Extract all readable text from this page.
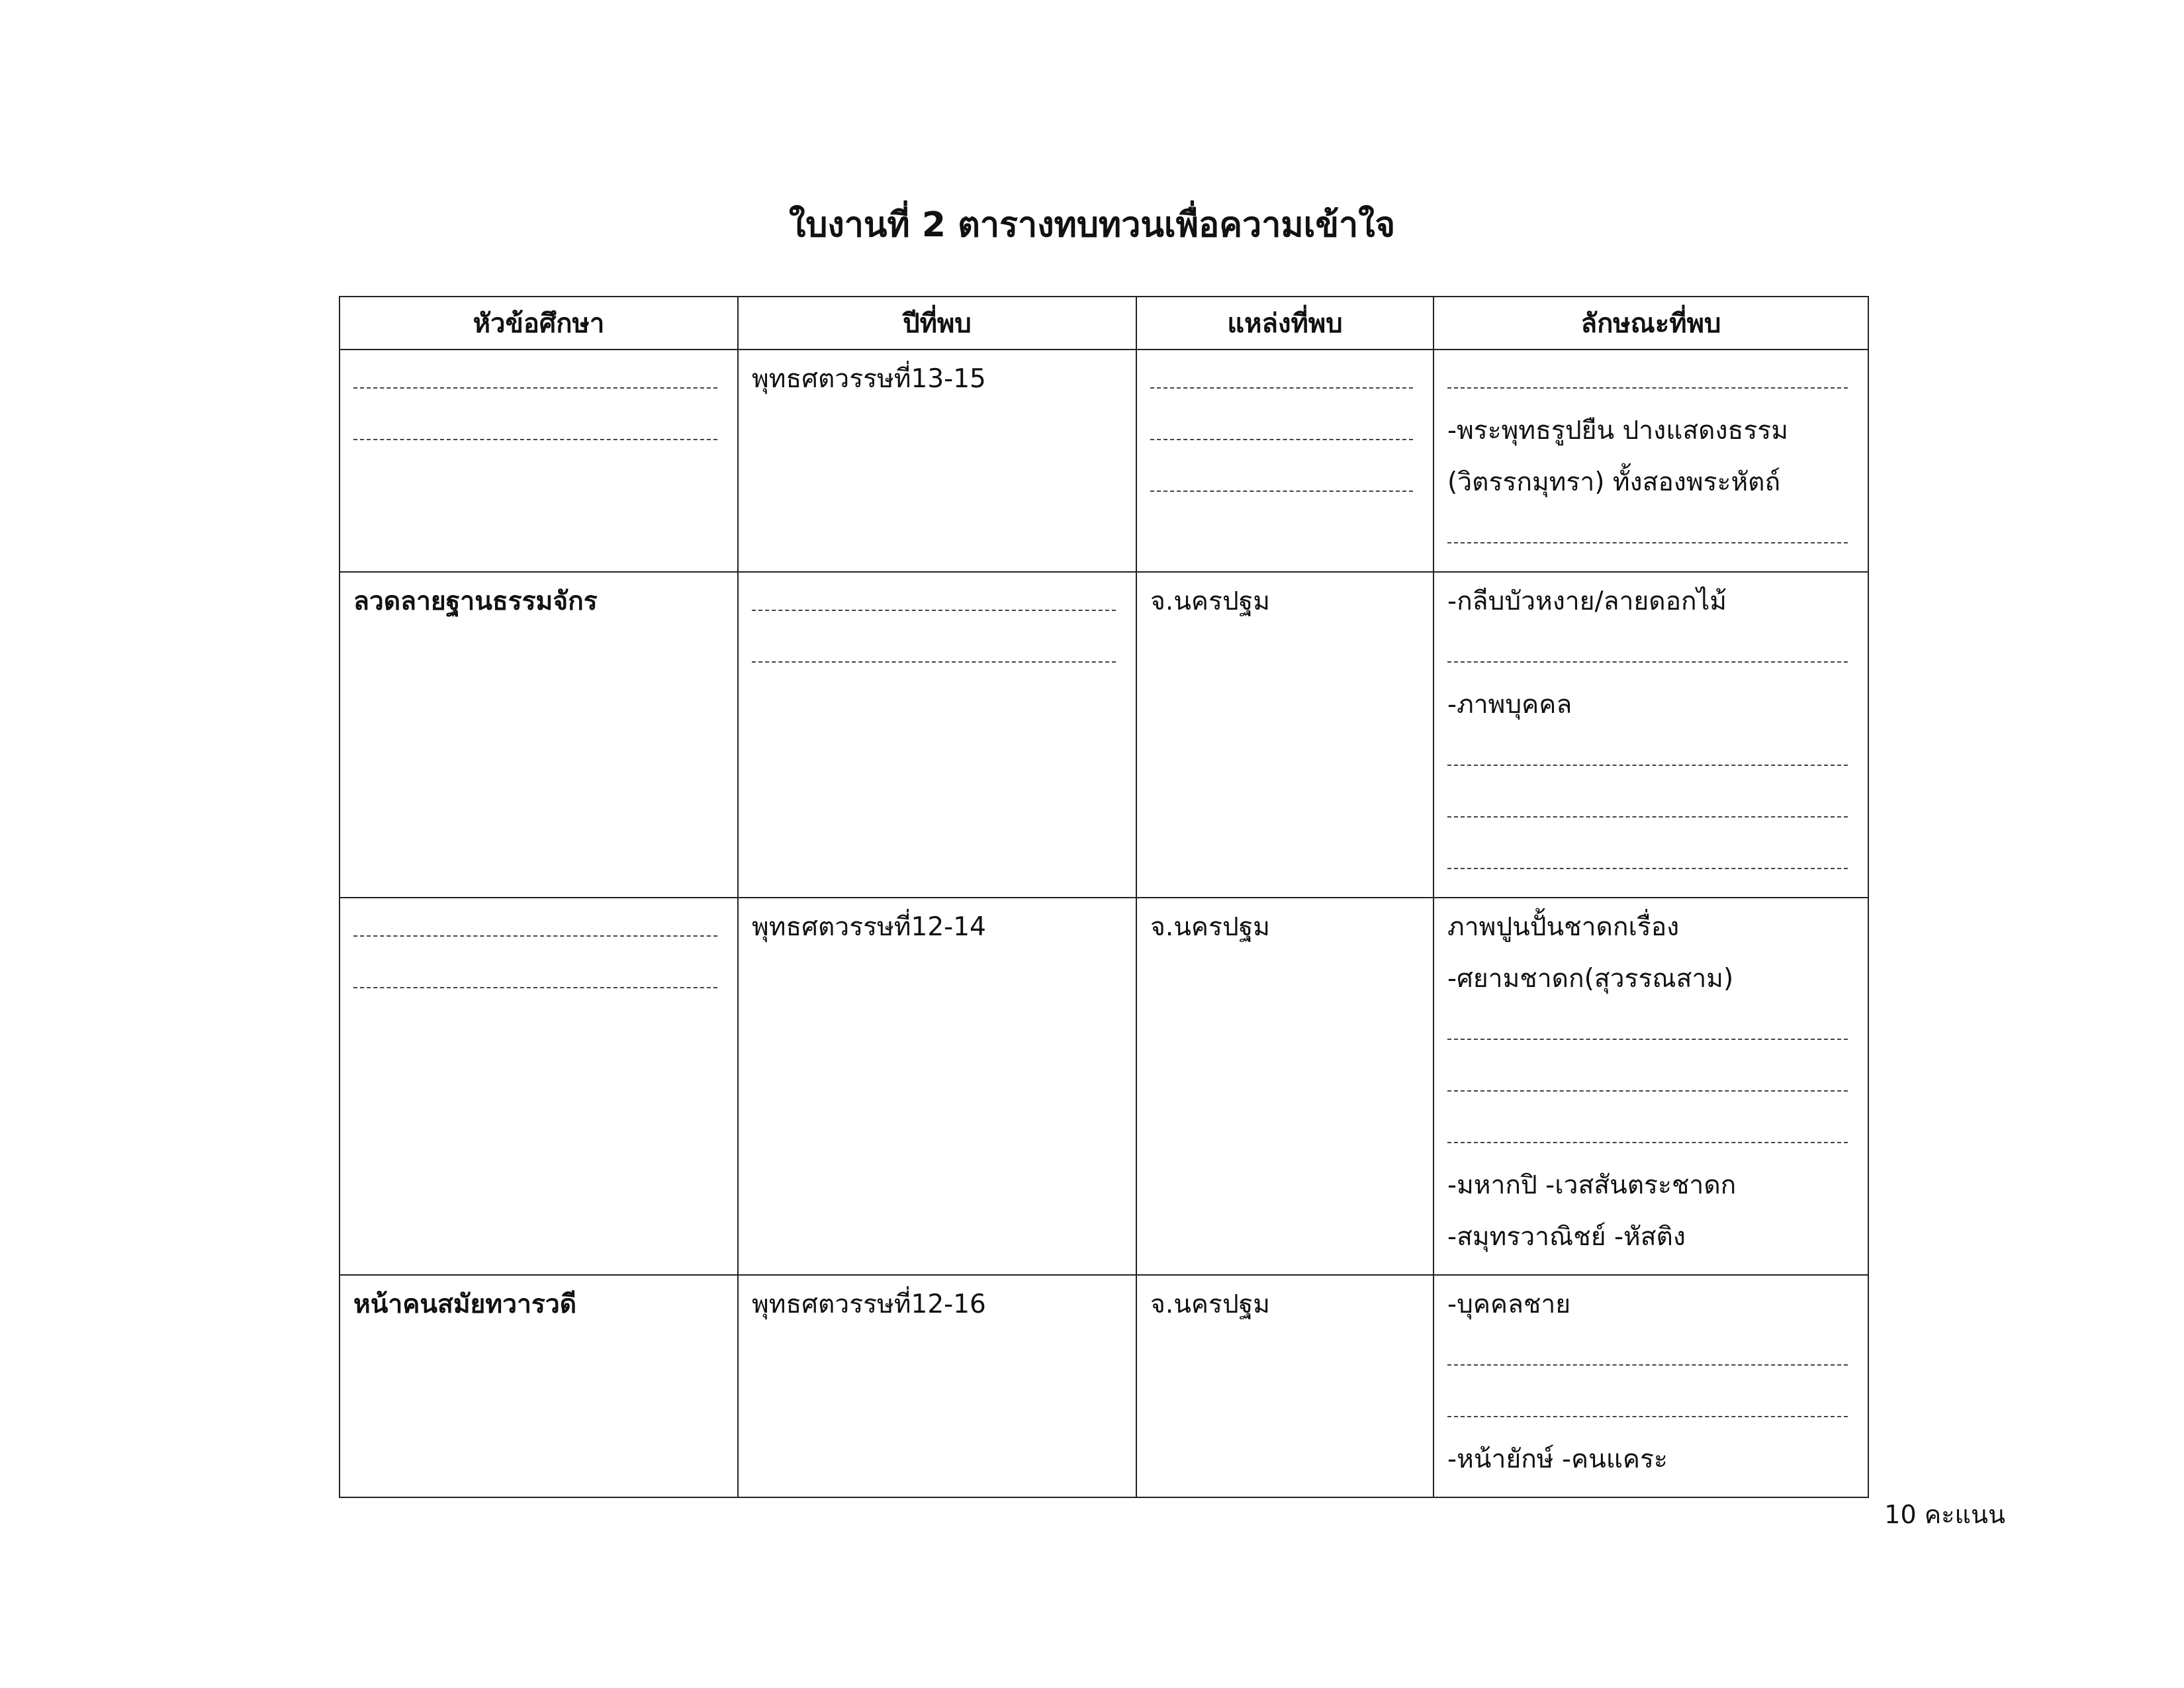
ใบงานที่ 2 ตารางทบทวนเพื่อความเข้าใจ
หัวข้อศึกษา	ปีที่พบ	แหล่งที่พบ	ลักษณะที่พบ

	พุทธศตวรรษที่13-15		-พระพุทธรูปยืน ปางแสดงธรรม
(วิตรรกมุทรา) ทั้งสองพระหัตถ์

ลวดลายฐานธรรมจักร		จ.นครปฐม	-กลีบบัวหงาย/ลายดอกไม้
-ภาพบุคคล

	พุทธศตวรรษที่12-14	จ.นครปฐม	ภาพปูนปั้นชาดกเรื่อง
-ศยามชาดก(สุวรรณสาม)
-มหากปิ -เวสสันตระชาดก
-สมุทรวาณิชย์ -หัสติง

หน้าคนสมัยทวารวดี	พุทธศตวรรษที่12-16	จ.นครปฐม	-บุคคลชาย
-หน้ายักษ์ -คนแคระ
10 คะแนน
